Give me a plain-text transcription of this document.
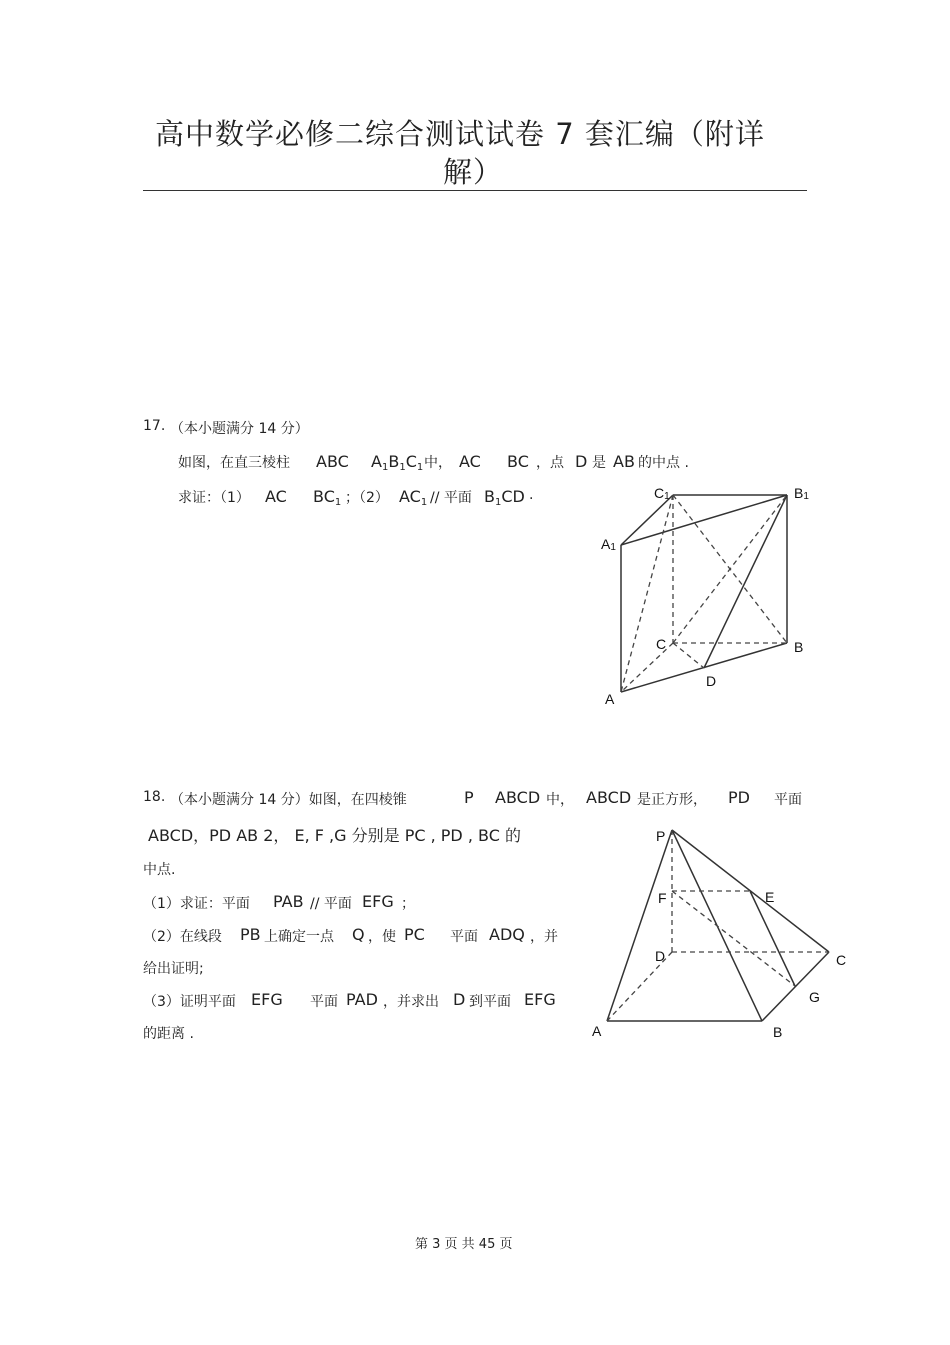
高中数学必修二综合测试试卷 7 套汇编（附详
解）
17. （本小题满分 14 分）
如图，在直三棱柱 ABC $A_1B_1C_1$ 中， AC BC ，点 D 是 AB 的中点 .
求证：（1） AC $BC_1$ ；（2） $AC_1$ // 平面 $B_1CD$ .	C1	B1
A1
C	B
D
A
18. （本小题满分 14 分）如图，在四棱锥	P ABCD 中， ABCD 是正方形， PD 平面
ABCD，PD AB 2， E, F ,G 分别是 PC , PD , BC 的
中点.
（1）求证：平面 PAB // 平面 EFG ；
（2）在线段 PB 上确定一点 Q ，使 PC 平面 ADQ ，并
给出证明;
（3）证明平面 EFG 平面 PAD ，并求出 D 到平面 EFG
的距离 .
P
F	E
D	C
G
A	B
第 3 页 共 45 页
